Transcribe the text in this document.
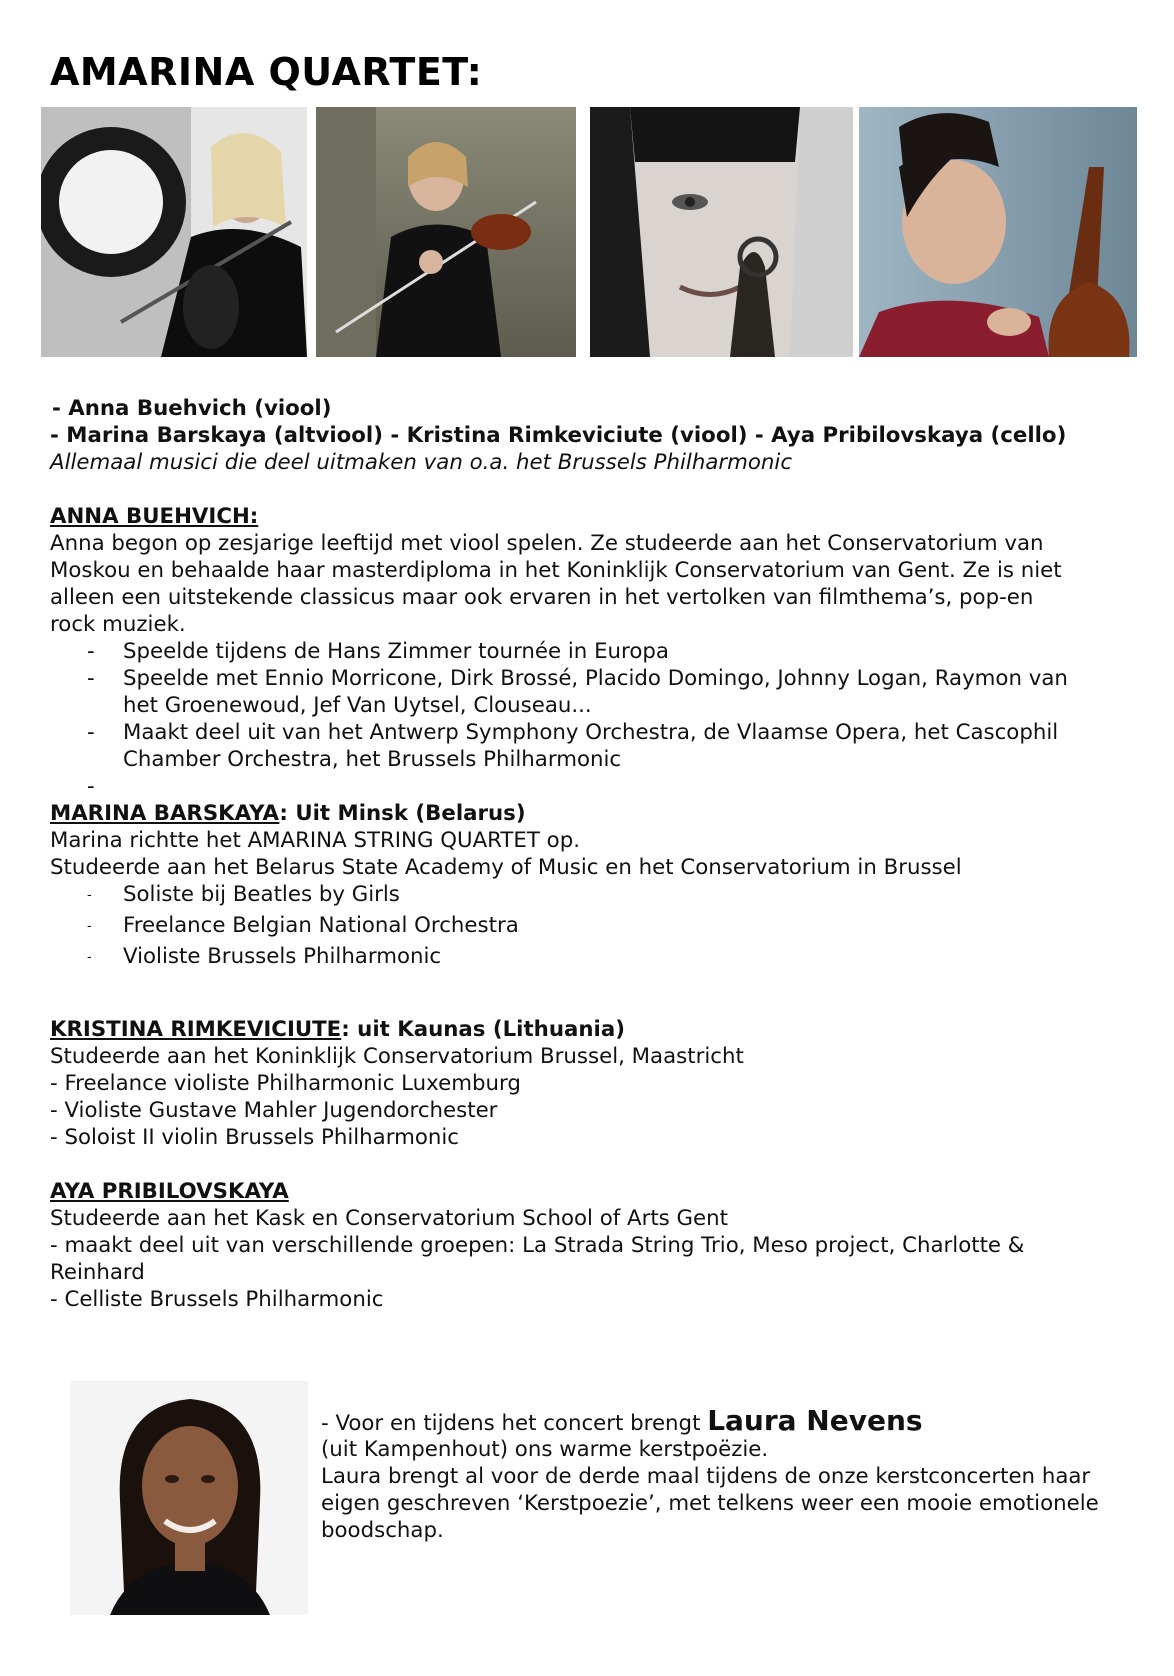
AMARINA QUARTET:

- Anna Buehvich (viool)

- Marina Barskaya (altviool) - Kristina Rimkeviciute (viool) - Aya Pribilovskaya (cello)

Allemaal musici die deel uitmaken van o.a. het Brussels Philharmonic

ANNA BUEHVICH:

Anna begon op zesjarige leeftijd met viool spelen. Ze studeerde aan het Conservatorium van

Moskou en behaalde haar masterdiploma in het Koninklijk Conservatorium van Gent. Ze is niet

alleen een uitstekende classicus maar ook ervaren in het vertolken van filmthema’s, pop-en

rock muziek.

- Speelde tijdens de Hans Zimmer tournée in Europa
- Speelde met Ennio Morricone, Dirk Brossé, Placido Domingo, Johnny Logan, Raymon van
het Groenewoud, Jef Van Uytsel, Clouseau...
- Maakt deel uit van het Antwerp Symphony Orchestra, de Vlaamse Opera, het Cascophil
Chamber Orchestra, het Brussels Philharmonic
-

MARINA BARSKAYA: Uit Minsk (Belarus)

Marina richtte het AMARINA STRING QUARTET op.

Studeerde aan het Belarus State Academy of Music en het Conservatorium in Brussel

- Soliste bij Beatles by Girls
- Freelance Belgian National Orchestra
- Violiste Brussels Philharmonic

KRISTINA RIMKEVICIUTE: uit Kaunas (Lithuania)

Studeerde aan het Koninklijk Conservatorium Brussel, Maastricht

- Freelance violiste Philharmonic Luxemburg

- Violiste Gustave Mahler Jugendorchester

- Soloist II violin Brussels Philharmonic

AYA PRIBILOVSKAYA

Studeerde aan het Kask en Conservatorium School of Arts Gent

- maakt deel uit van verschillende groepen: La Strada String Trio, Meso project, Charlotte &

Reinhard

- Celliste Brussels Philharmonic

- Voor en tijdens het concert brengt Laura Nevens

(uit Kampenhout) ons warme kerstpoëzie.

Laura brengt al voor de derde maal tijdens de onze kerstconcerten haar

eigen geschreven ‘Kerstpoezie’, met telkens weer een mooie emotionele

boodschap.
